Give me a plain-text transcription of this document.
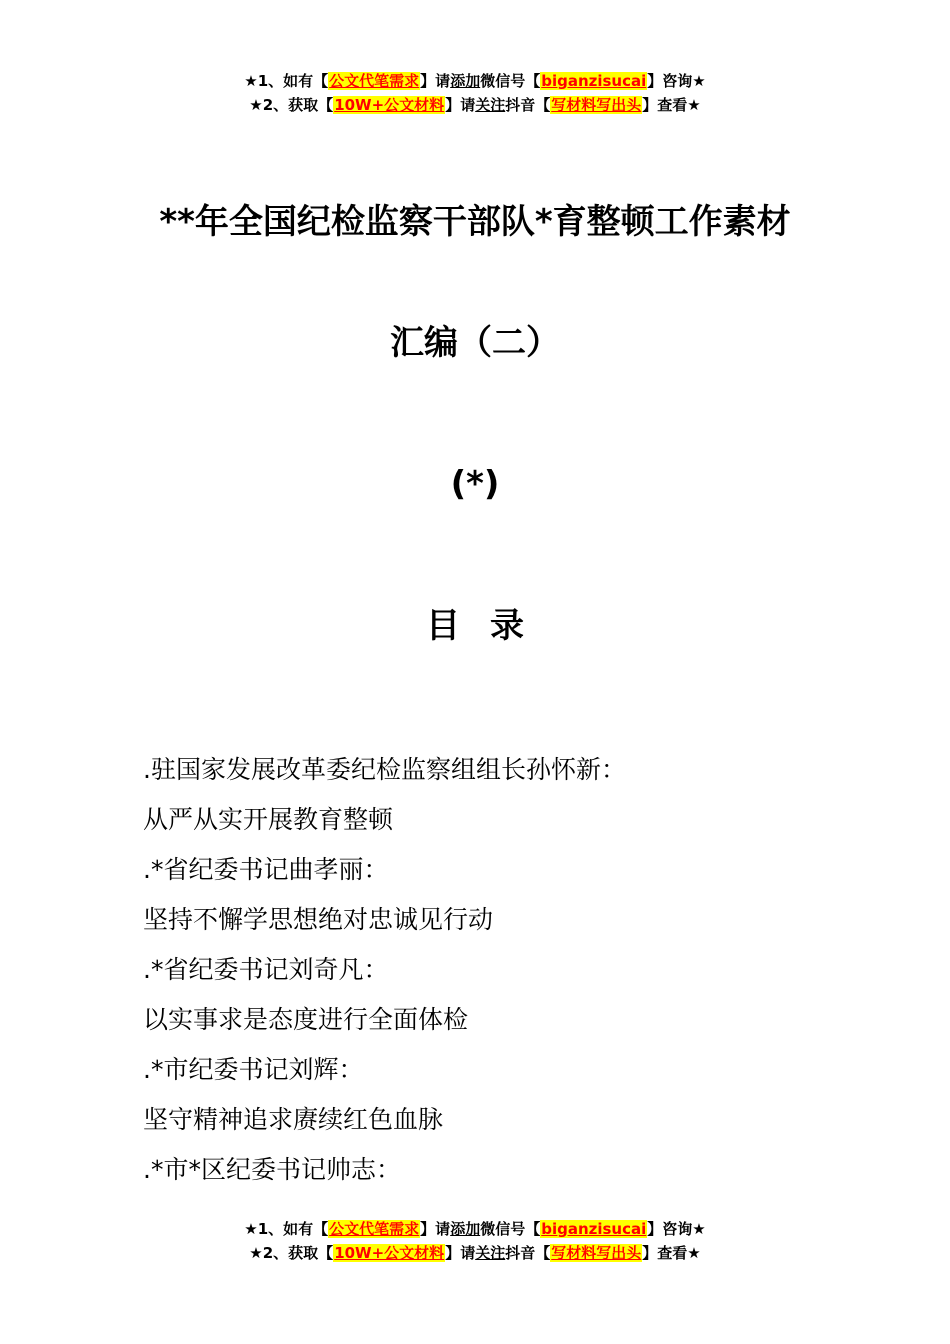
★1、如有【公文代笔需求】请添加微信号【biganzisucai】咨询★
★2、获取【10W+公文材料】请关注抖音【写材料写出头】查看★
**年全国纪检监察干部队*育整顿工作素材
汇编（二）
(*)
目录
.驻国家发展改革委纪检监察组组长孙怀新：
从严从实开展教育整顿
.*省纪委书记曲孝丽：
坚持不懈学思想绝对忠诚见行动
.*省纪委书记刘奇凡：
以实事求是态度进行全面体检
.*市纪委书记刘辉：
坚守精神追求赓续红色血脉
.*市*区纪委书记帅志：
★1、如有【公文代笔需求】请添加微信号【biganzisucai】咨询★
★2、获取【10W+公文材料】请关注抖音【写材料写出头】查看★
